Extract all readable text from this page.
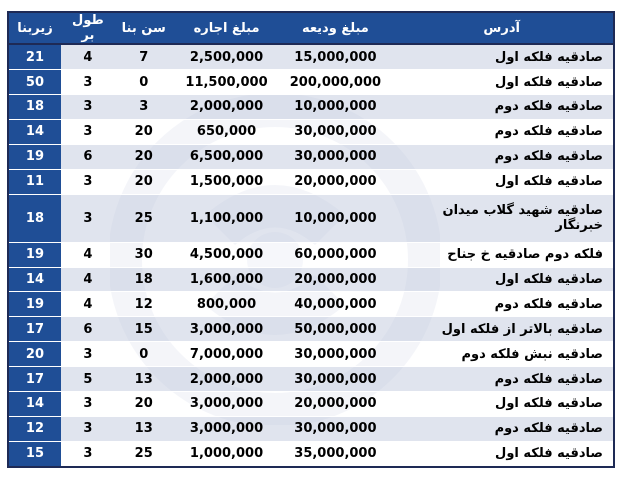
آدرس	مبلغ ودیعه	مبلغ اجاره	سن بنا	طول بر	زیربنا
صادقیه فلکه اول	15,000,000	2,500,000	7	4	21
صادقیه فلکه اول	200,000,000	11,500,000	0	3	50
صادقیه فلکه دوم	10,000,000	2,000,000	3	3	18
صادقیه فلکه دوم	30,000,000	650,000	20	3	14
صادقیه فلکه دوم	30,000,000	6,500,000	20	6	19
صادقیه فلکه اول	20,000,000	1,500,000	20	3	11
صادقیه شهید گلاب میدان خبرنگار	10,000,000	1,100,000	25	3	18
فلکه دوم صادقیه خ جناح	60,000,000	4,500,000	30	4	19
صادقیه فلکه اول	20,000,000	1,600,000	18	4	14
صادقیه فلکه دوم	40,000,000	800,000	12	4	19
صادقیه بالاتر از فلکه اول	50,000,000	3,000,000	15	6	17
صادقیه نبش فلکه دوم	30,000,000	7,000,000	0	3	20
صادقیه فلکه دوم	30,000,000	2,000,000	13	5	17
صادقیه فلکه اول	20,000,000	3,000,000	20	3	14
صادقیه فلکه دوم	30,000,000	3,000,000	13	3	12
صادقیه فلکه اول	35,000,000	1,000,000	25	3	15
